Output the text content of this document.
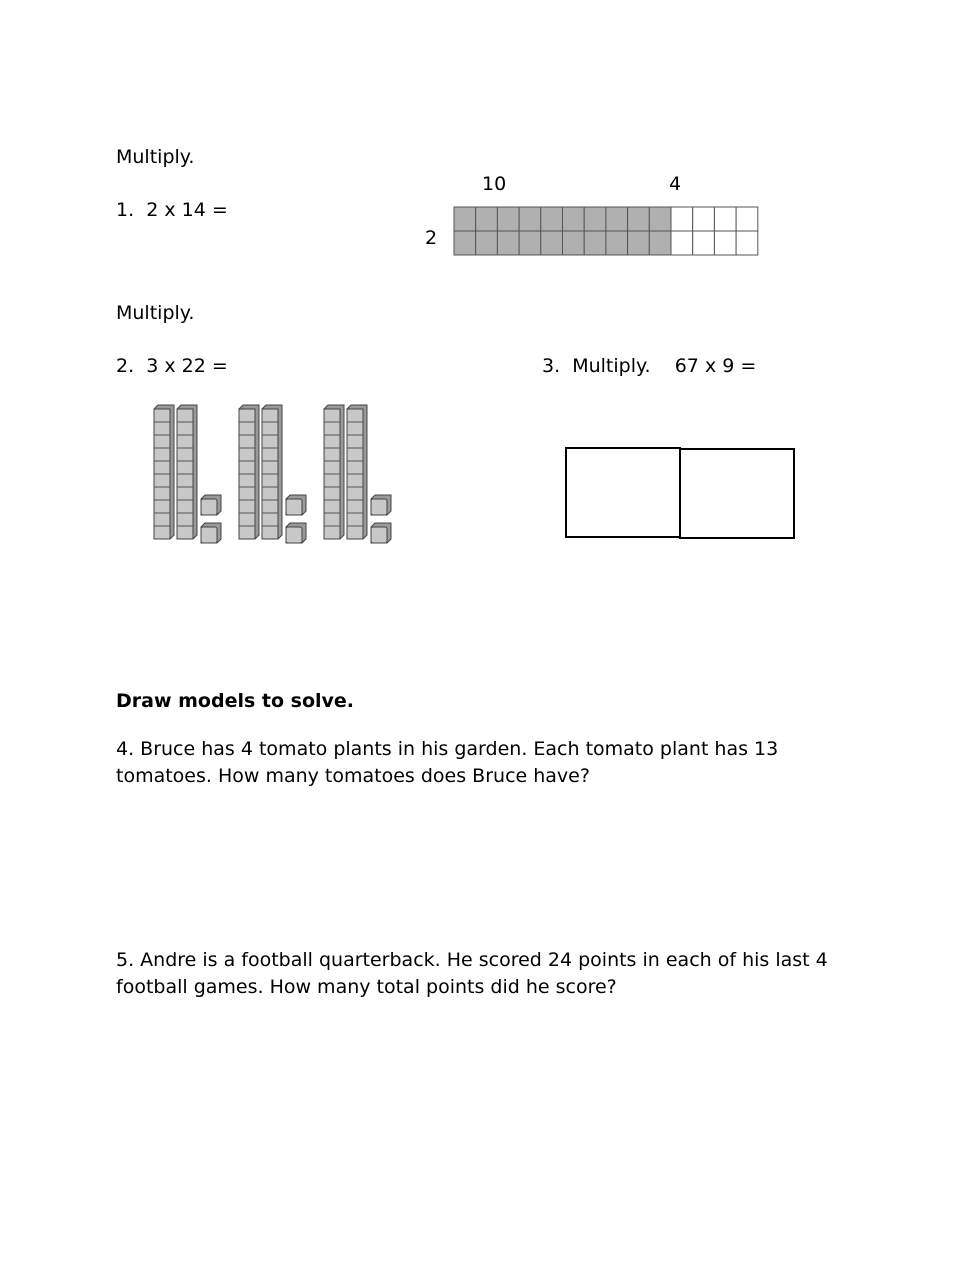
Multiply.
1.  2 x 14 =
10	4
2
Multiply.
2.  3 x 22 =	3.  Multiply.    67 x 9 =
Draw models to solve.
4. Bruce has 4 tomato plants in his garden. Each tomato plant has 13 tomatoes. How many tomatoes does Bruce have?
5. Andre is a football quarterback. He scored 24 points in each of his last 4 football games. How many total points did he score?
